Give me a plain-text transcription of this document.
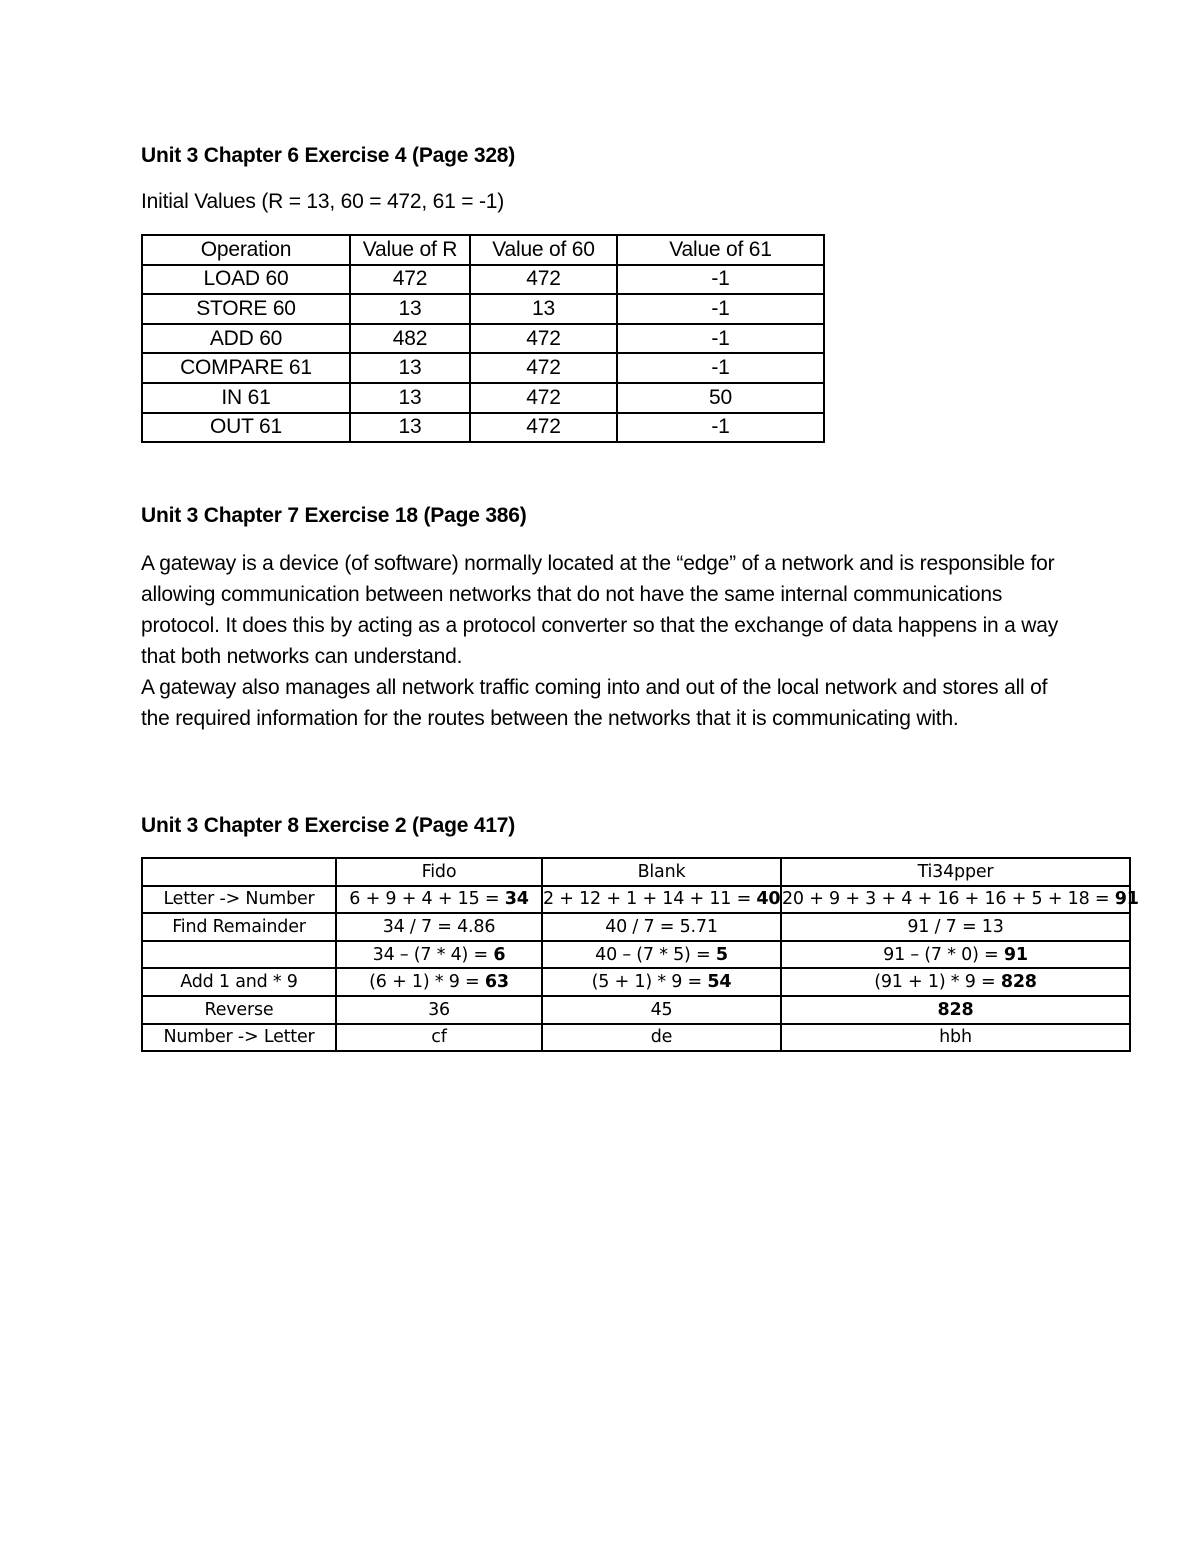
Unit 3 Chapter 6 Exercise 4 (Page 328)
Initial Values (R = 13, 60 = 472, 61 = -1)
Operation	Value of R	Value of 60	Value of 61
LOAD 60	472	472	-1
STORE 60	13	13	-1
ADD 60	482	472	-1
COMPARE 61	13	472	-1
IN 61	13	472	50
OUT 61	13	472	-1
Unit 3 Chapter 7 Exercise 18 (Page 386)

A gateway is a device (of software) normally located at the “edge” of a network and is responsible for allowing communication between networks that do not have the same internal communications protocol. It does this by acting as a protocol converter so that the exchange of data happens in a way that both networks can understand.

A gateway also manages all network traffic coming into and out of the local network and stores all of the required information for the routes between the networks that it is communicating with.

Unit 3 Chapter 8 Exercise 2 (Page 417)
	Fido	Blank	Ti34pper
Letter -> Number	6 + 9 + 4 + 15 = 34	2 + 12 + 1 + 14 + 11 = 40	20 + 9 + 3 + 4 + 16 + 16 + 5 + 18 = 91
Find Remainder	34 / 7 = 4.86	40 / 7 = 5.71	91 / 7 = 13
	34 – (7 * 4) = 6	40 – (7 * 5) = 5	91 – (7 * 0) = 91
Add 1 and * 9	(6 + 1) * 9 = 63	(5 + 1) * 9 = 54	(91 + 1) * 9 = 828
Reverse	36	45	828
Number -> Letter	cf	de	hbh
